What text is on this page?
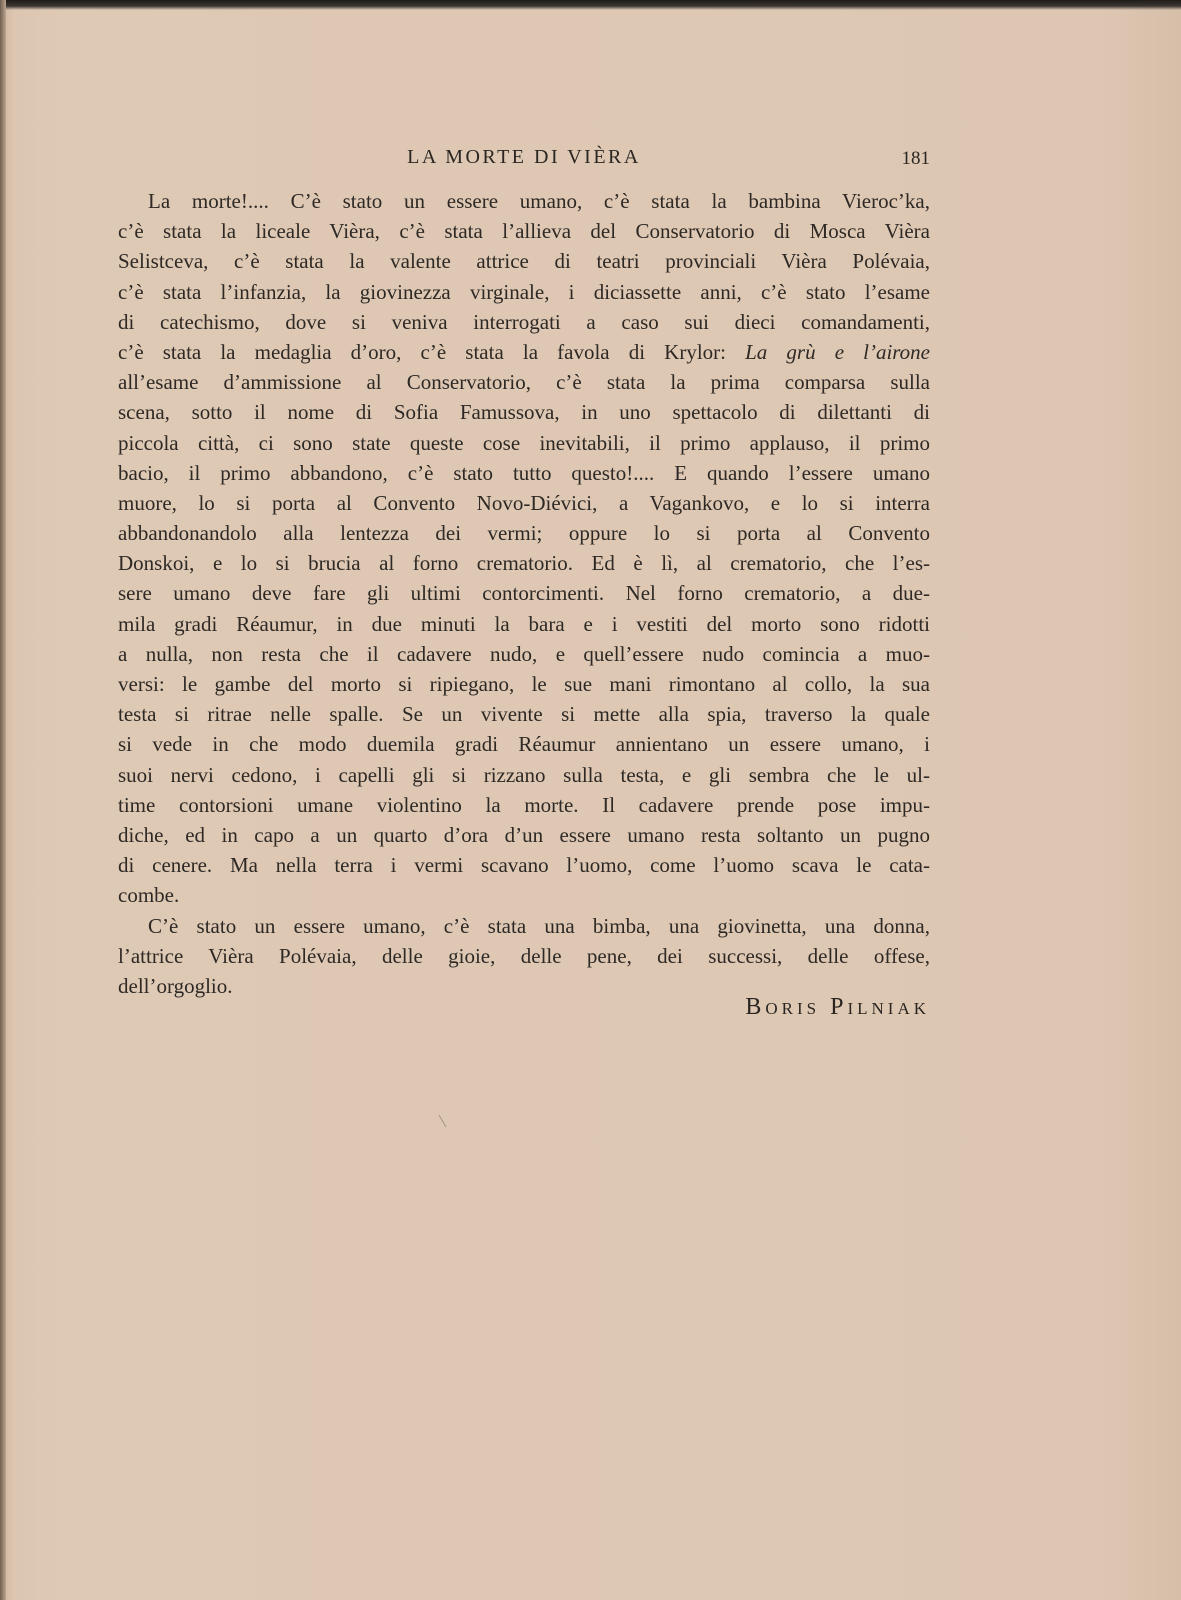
LA MORTE DI VIÈRA	181
La morte!.... C’è stato un essere umano, c’è stata la bambina Vieroc’ka,
c’è stata la liceale Vièra, c’è stata l’allieva del Conservatorio di Mosca Vièra
Selistceva, c’è stata la valente attrice di teatri provinciali Vièra Polévaia,
c’è stata l’infanzia, la giovinezza virginale, i diciassette anni, c’è stato l’esame
di catechismo, dove si veniva interrogati a caso sui dieci comandamenti,
c’è stata la medaglia d’oro, c’è stata la favola di Krylor: La grù e l’airone
all’esame d’ammissione al Conservatorio, c’è stata la prima comparsa sulla
scena, sotto il nome di Sofia Famussova, in uno spettacolo di dilettanti di
piccola città, ci sono state queste cose inevitabili, il primo applauso, il primo
bacio, il primo abbandono, c’è stato tutto questo!.... E quando l’essere umano
muore, lo si porta al Convento Novo-Diévici, a Vagankovo, e lo si interra
abbandonandolo alla lentezza dei vermi; oppure lo si porta al Convento
Donskoi, e lo si brucia al forno crematorio. Ed è lì, al crematorio, che l’es-
sere umano deve fare gli ultimi contorcimenti. Nel forno crematorio, a due-
mila gradi Réaumur, in due minuti la bara e i vestiti del morto sono ridotti
a nulla, non resta che il cadavere nudo, e quell’essere nudo comincia a muo-
versi: le gambe del morto si ripiegano, le sue mani rimontano al collo, la sua
testa si ritrae nelle spalle. Se un vivente si mette alla spia, traverso la quale
si vede in che modo duemila gradi Réaumur annientano un essere umano, i
suoi nervi cedono, i capelli gli si rizzano sulla testa, e gli sembra che le ul-
time contorsioni umane violentino la morte. Il cadavere prende pose impu-
diche, ed in capo a un quarto d’ora d’un essere umano resta soltanto un pugno
di cenere. Ma nella terra i vermi scavano l’uomo, come l’uomo scava le cata-
combe.
C’è stato un essere umano, c’è stata una bimba, una giovinetta, una donna,
l’attrice Vièra Polévaia, delle gioie, delle pene, dei successi, delle offese,
dell’orgoglio.
Boris Pilniak
